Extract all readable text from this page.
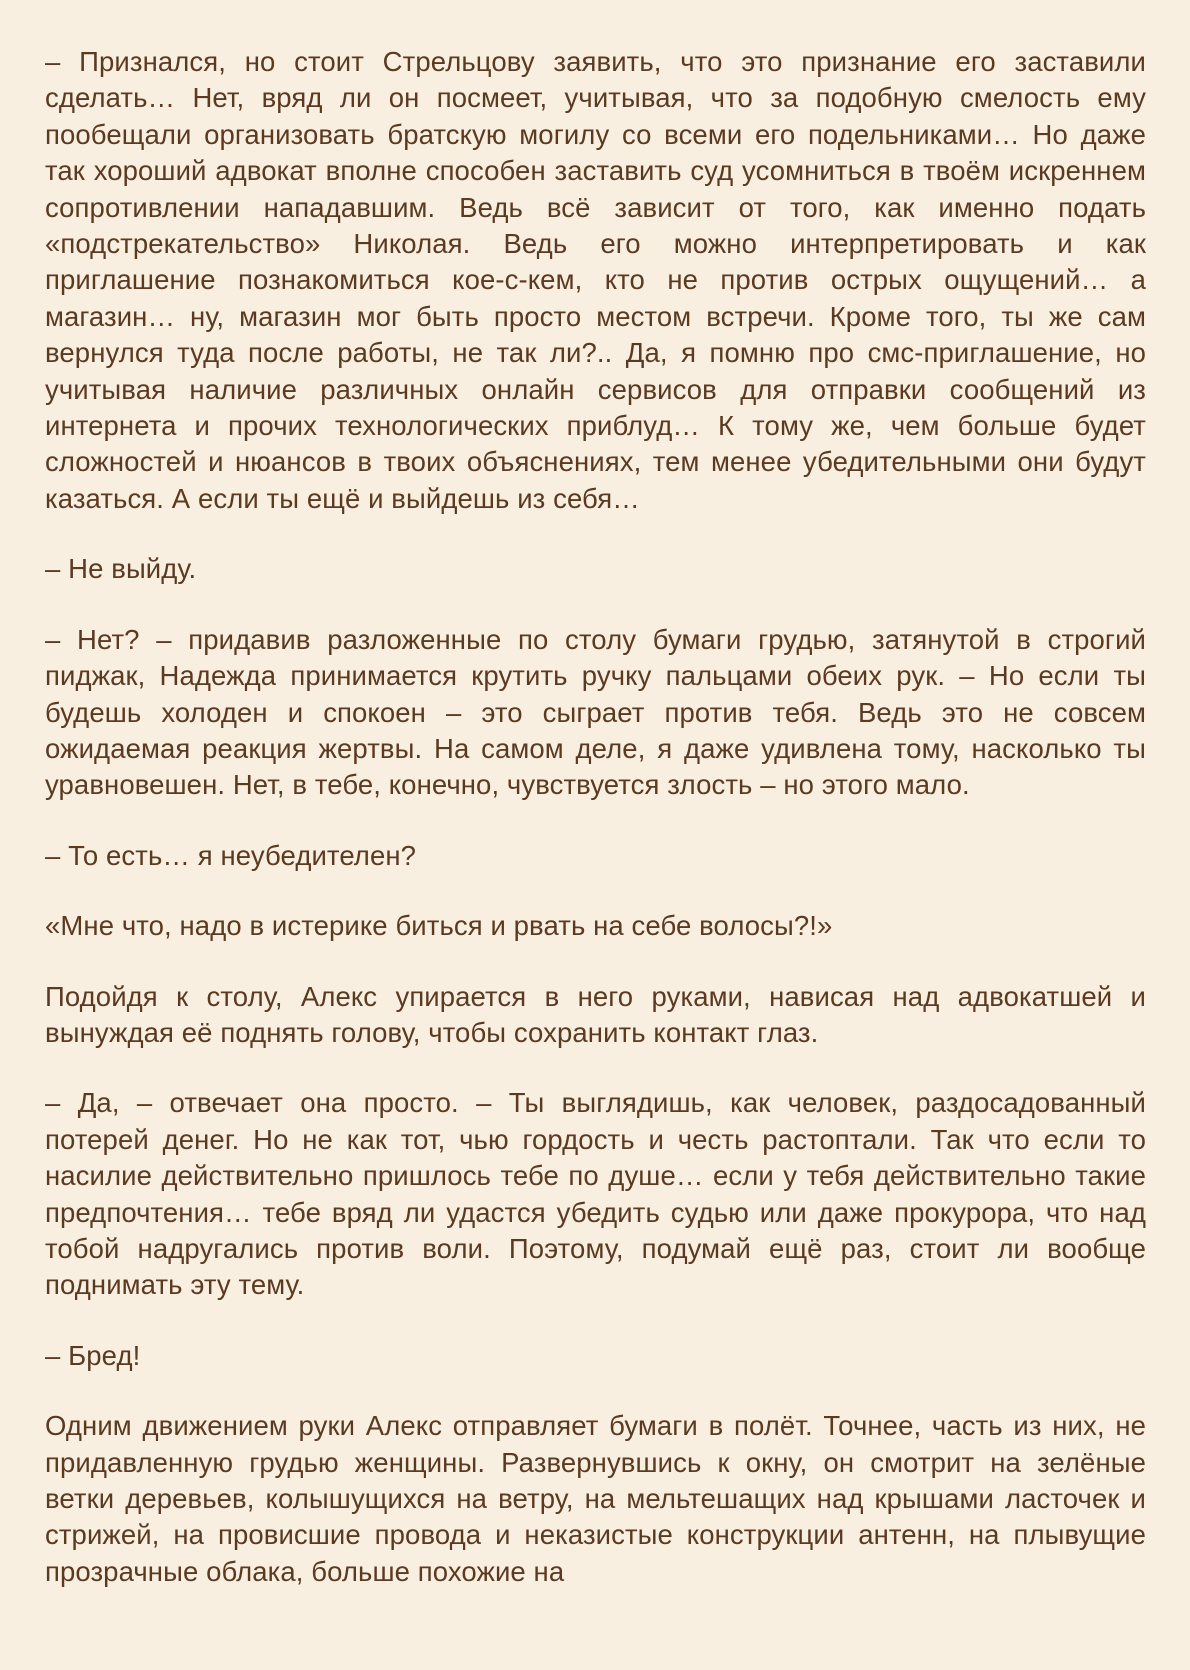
– Признался, но стоит Стрельцову заявить, что это признание его заставили сделать… Нет, вряд ли он посмеет, учитывая, что за подобную смелость ему пообещали организовать братскую могилу со всеми его подельниками… Но даже так хороший адвокат вполне способен заставить суд усомниться в твоём искреннем сопротивлении нападавшим. Ведь всё зависит от того, как именно подать «подстрекательство» Николая. Ведь его можно интерпретировать и как приглашение познакомиться кое-с-кем, кто не против острых ощущений… а магазин… ну, магазин мог быть просто местом встречи. Кроме того, ты же сам вернулся туда после работы, не так ли?.. Да, я помню про смс-приглашение, но учитывая наличие различных онлайн сервисов для отправки сообщений из интернета и прочих технологических приблуд… К тому же, чем больше будет сложностей и нюансов в твоих объяснениях, тем менее убедительными они будут казаться. А если ты ещё и выйдешь из себя…

– Не выйду.

– Нет? – придавив разложенные по столу бумаги грудью, затянутой в строгий пиджак, Надежда принимается крутить ручку пальцами обеих рук. – Но если ты будешь холоден и спокоен – это сыграет против тебя. Ведь это не совсем ожидаемая реакция жертвы. На самом деле, я даже удивлена тому, насколько ты уравновешен. Нет, в тебе, конечно, чувствуется злость – но этого мало.

– То есть… я неубедителен?

«Мне что, надо в истерике биться и рвать на себе волосы?!»

Подойдя к столу, Алекс упирается в него руками, нависая над адвокатшей и вынуждая её поднять голову, чтобы сохранить контакт глаз.

– Да, – отвечает она просто. – Ты выглядишь, как человек, раздосадованный потерей денег. Но не как тот, чью гордость и честь растоптали. Так что если то насилие действительно пришлось тебе по душе… если у тебя действительно такие предпочтения… тебе вряд ли удастся убедить судью или даже прокурора, что над тобой надругались против воли. Поэтому, подумай ещё раз, стоит ли вообще поднимать эту тему.

– Бред!

Одним движением руки Алекс отправляет бумаги в полёт. Точнее, часть из них, не придавленную грудью женщины. Развернувшись к окну, он смотрит на зелёные ветки деревьев, колышущихся на ветру, на мельтешащих над крышами ласточек и стрижей, на провисшие провода и неказистые конструкции антенн, на плывущие прозрачные облака, больше похожие на
